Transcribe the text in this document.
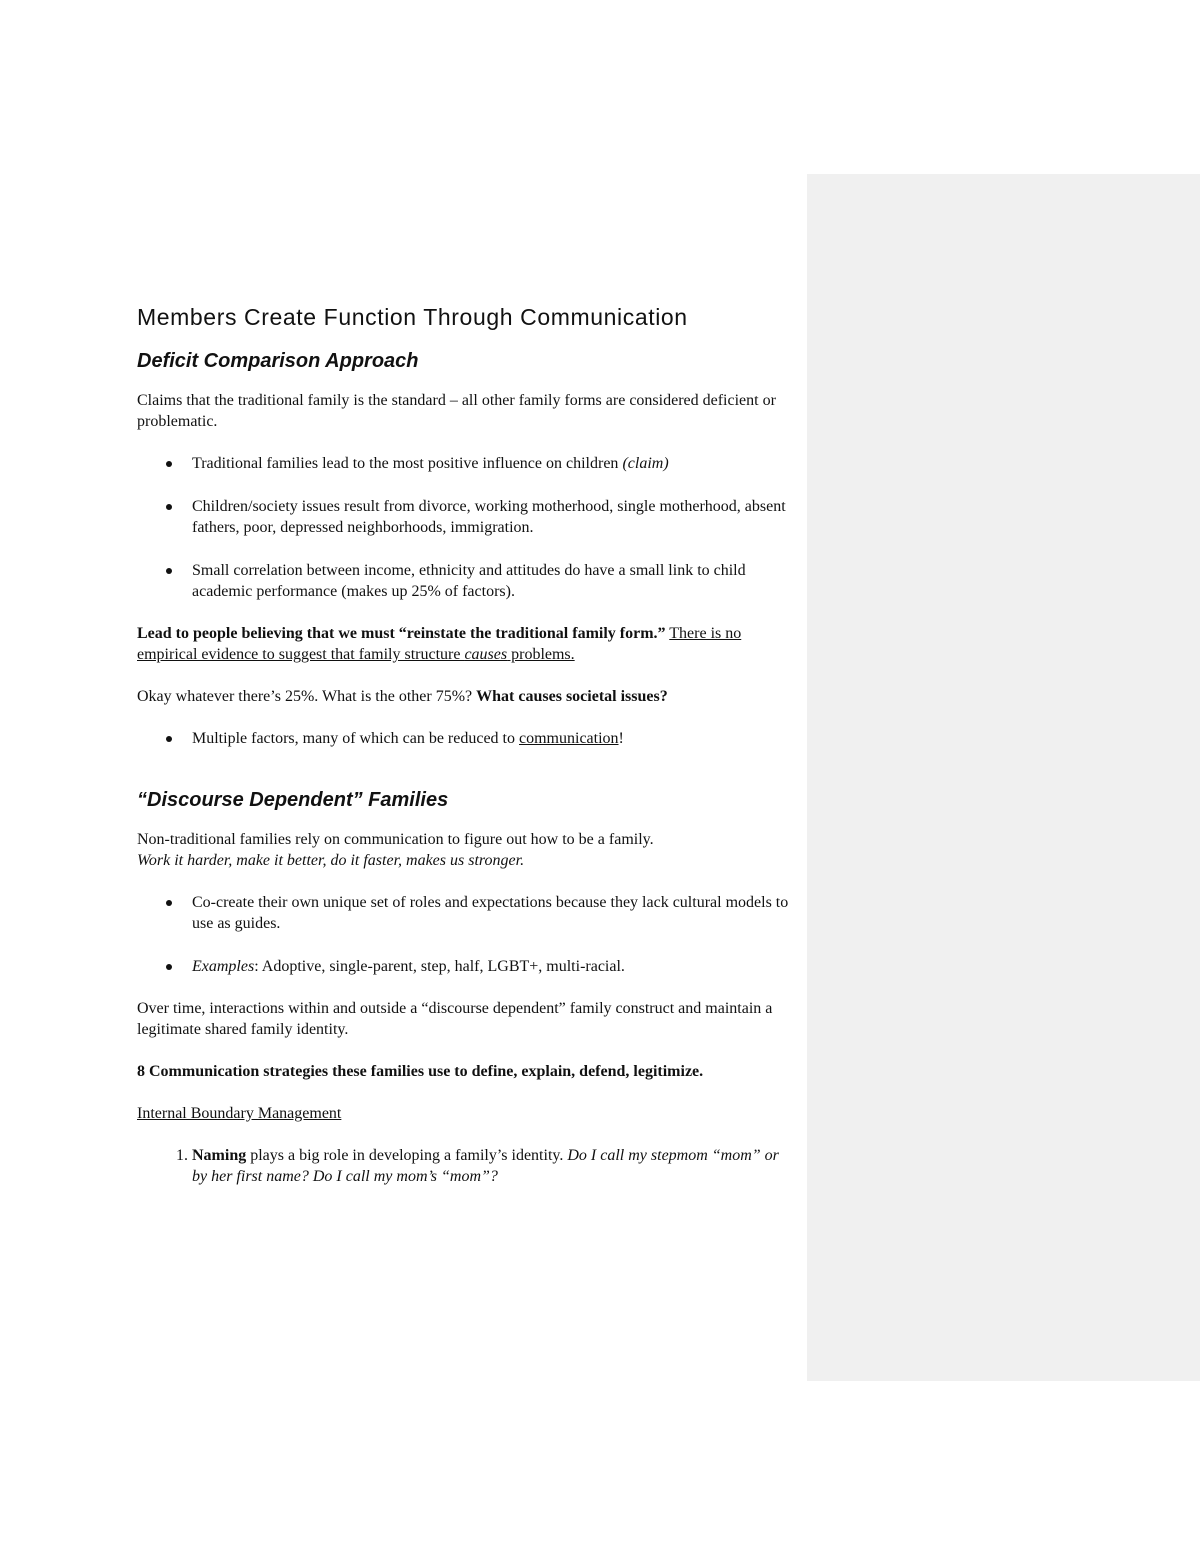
Members Create Function Through Communication
Deficit Comparison Approach

Claims that the traditional family is the standard – all other family forms are considered deficient or problematic.

Traditional families lead to the most positive influence on children (claim)
Children/society issues result from divorce, working motherhood, single motherhood, absent fathers, poor, depressed neighborhoods, immigration.
Small correlation between income, ethnicity and attitudes do have a small link to child academic performance (makes up 25% of factors).

Lead to people believing that we must “reinstate the traditional family form.” There is no empirical evidence to suggest that family structure causes problems.

Okay whatever there’s 25%. What is the other 75%? What causes societal issues?

Multiple factors, many of which can be reduced to communication!
“Discourse Dependent” Families

Non-traditional families rely on communication to figure out how to be a family.
Work it harder, make it better, do it faster, makes us stronger.

Co-create their own unique set of roles and expectations because they lack cultural models to use as guides.
Examples: Adoptive, single-parent, step, half, LGBT+, multi-racial.

Over time, interactions within and outside a “discourse dependent” family construct and maintain a legitimate shared family identity.

8 Communication strategies these families use to define, explain, defend, legitimize.

Internal Boundary Management

1. Naming plays a big role in developing a family’s identity. Do I call my stepmom “mom” or by her first name? Do I call my mom’s “mom”?
